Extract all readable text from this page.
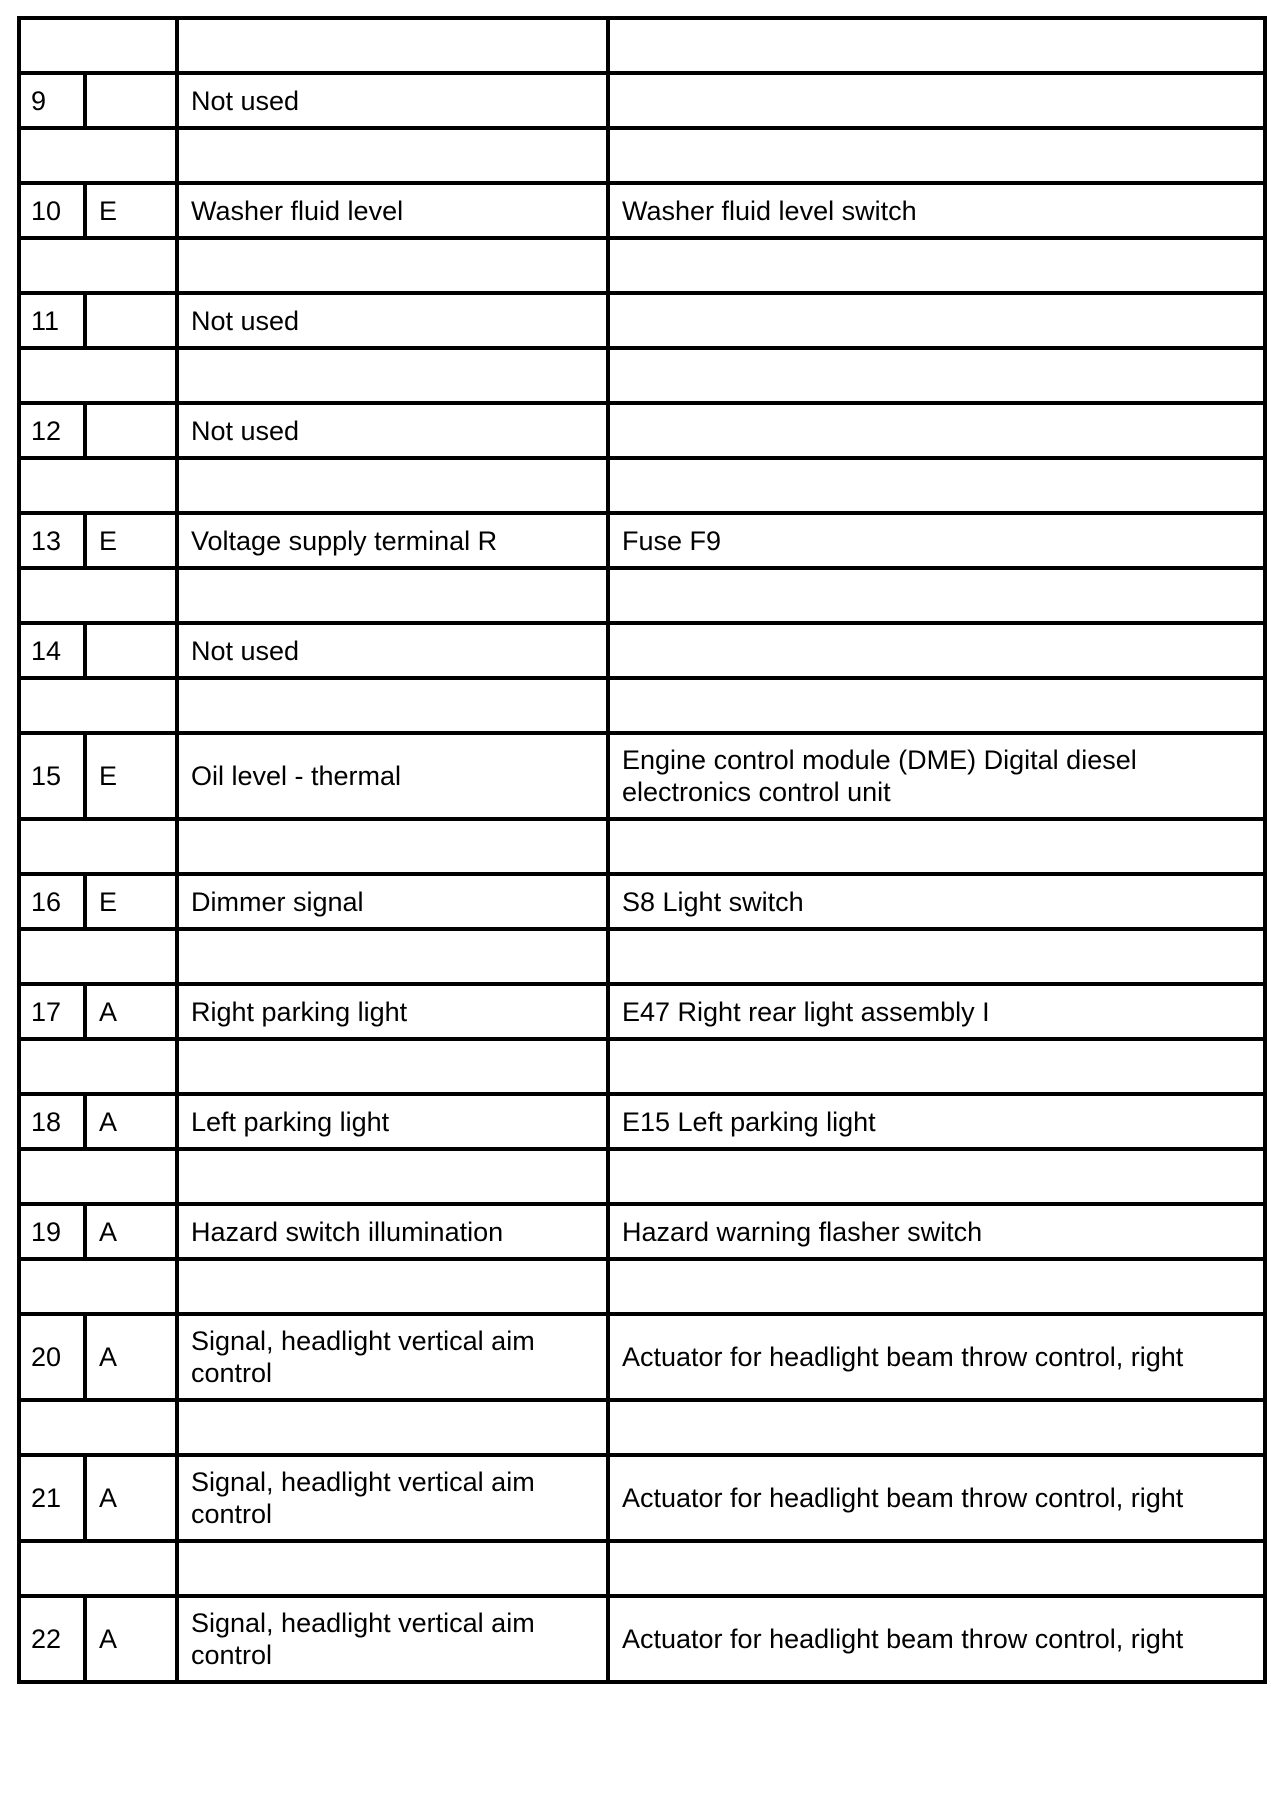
9		Not used	

10	E	Washer fluid level	Washer fluid level switch

11		Not used	

12		Not used	

13	E	Voltage supply terminal R	Fuse F9

14		Not used	

15	E	Oil level - thermal	Engine control module (DME) Digital diesel electronics control unit

16	E	Dimmer signal	S8 Light switch

17	A	Right parking light	E47 Right rear light assembly I

18	A	Left parking light	E15 Left parking light

19	A	Hazard switch illumination	Hazard warning flasher switch

20	A	Signal, headlight vertical aim control	Actuator for headlight beam throw control, right

21	A	Signal, headlight vertical aim control	Actuator for headlight beam throw control, right

22	A	Signal, headlight vertical aim control	Actuator for headlight beam throw control, right
